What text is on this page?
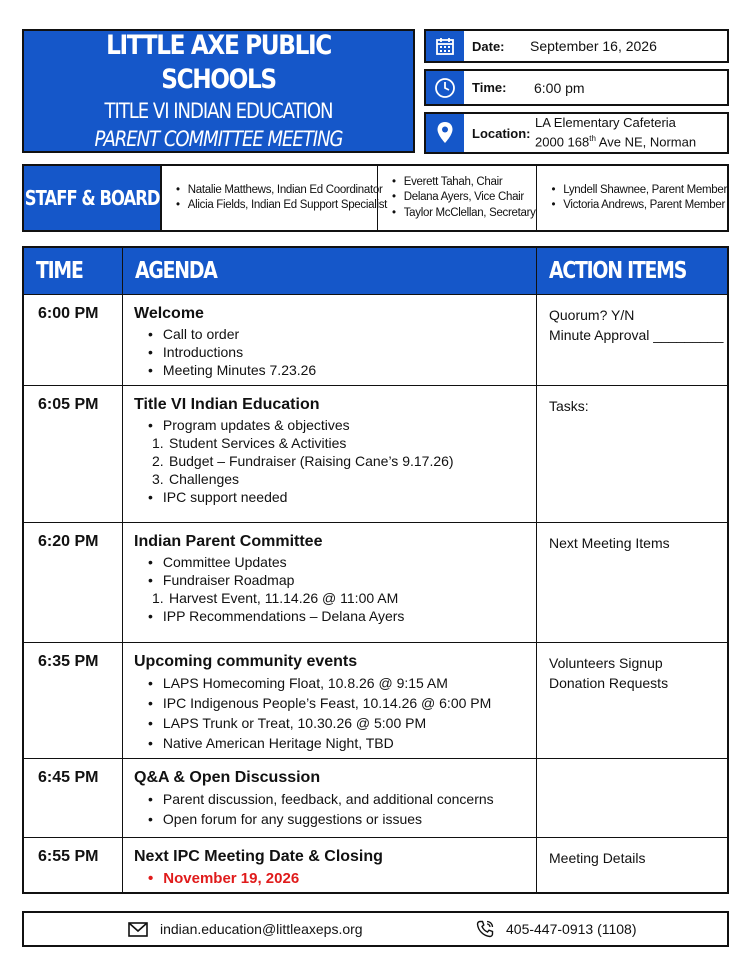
LITTLE AXE PUBLIC SCHOOLS
TITLE VI INDIAN EDUCATION
PARENT COMMITTEE MEETING
Date:	September 16, 2026
Time:	6:00 pm
Location:
LA Elementary Cafeteria
2000 168th Ave NE, Norman
STAFF & BOARD
•	Natalie Matthews, Indian Ed Coordinator
• Alicia Fields, Indian Ed Support Specialist
• Everett Tahah, Chair
• Delana Ayers, Vice Chair
• Taylor McClellan, Secretary
• Lyndell Shawnee, Parent Member
• Victoria Andrews, Parent Member
TIME AGENDA	ACTION ITEMS
6:00 PM	Welcome
• Call to order
• Introductions
• Meeting Minutes 7.23.26
Quorum? Y/N
Minute Approval _________
6:05 PM	Title VI Indian Education
• Program updates & objectives
1. Student Services & Activities
2. Budget – Fundraiser (Raising Cane’s 9.17.26)
3. Challenges
• IPC support needed
Tasks:
6:20 PM	Indian Parent Committee
• Committee Updates
• Fundraiser Roadmap
1. Harvest Event, 11.14.26 @ 11:00 AM
• IPP Recommendations – Delana Ayers
Next Meeting Items
6:35 PM	Upcoming community events
• LAPS Homecoming Float, 10.8.26 @ 9:15 AM
• IPC Indigenous People’s Feast, 10.14.26 @ 6:00 PM
• LAPS Trunk or Treat, 10.30.26 @ 5:00 PM
• Native American Heritage Night, TBD
Volunteers Signup
Donation Requests
6:45 PM	Q&A & Open Discussion
• Parent discussion, feedback, and additional concerns
• Open forum for any suggestions or issues
6:55 PM	Next IPC Meeting Date & Closing
• November 19, 2026
Meeting Details
indian.education@littleaxeps.org	405-447-0913 (1108)
